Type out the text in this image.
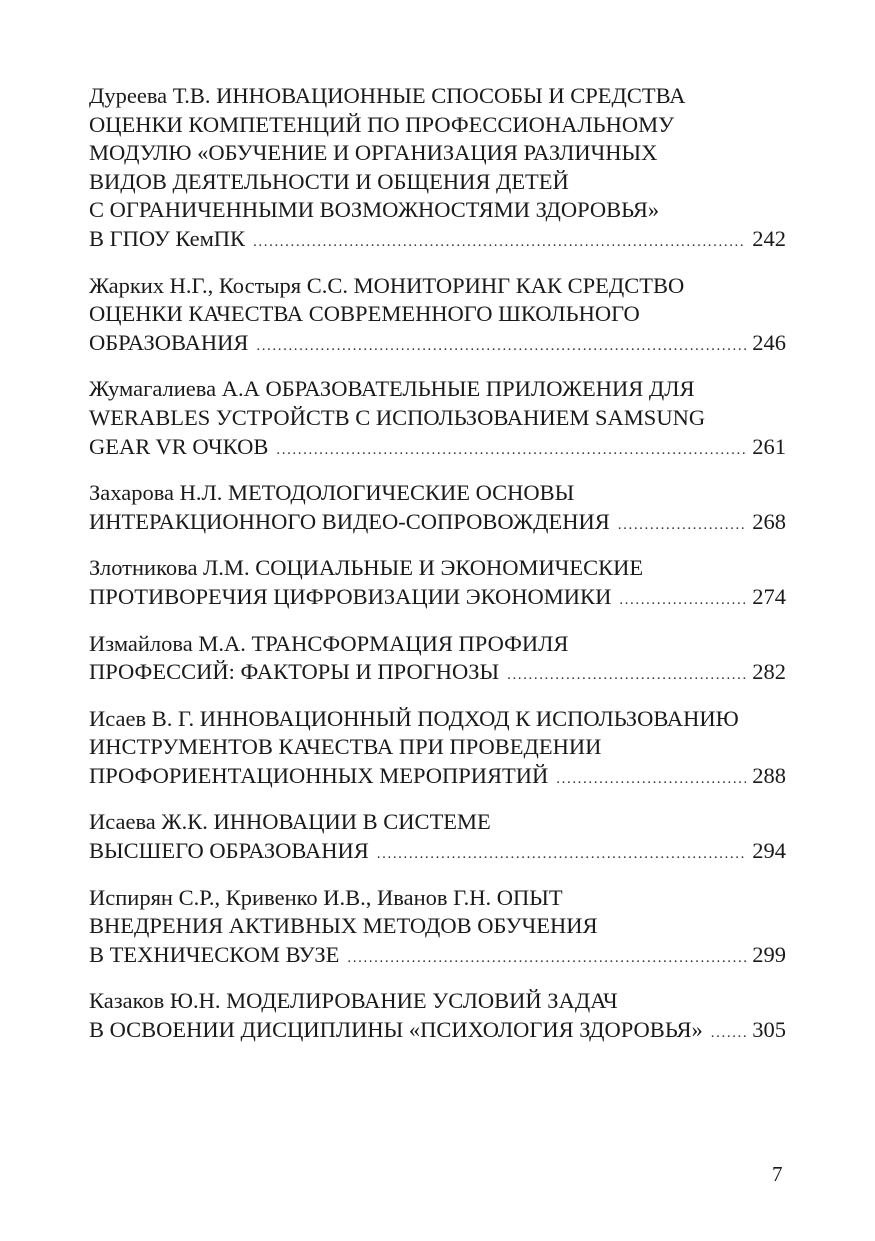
Дуреева Т.В. ИННОВАЦИОННЫЕ СПОСОБЫ И СРЕДСТВА
ОЦЕНКИ КОМПЕТЕНЦИЙ ПО ПРОФЕССИОНАЛЬНОМУ
МОДУЛЮ «ОБУЧЕНИЕ И ОРГАНИЗАЦИЯ РАЗЛИЧНЫХ
ВИДОВ ДЕЯТЕЛЬНОСТИ И ОБЩЕНИЯ ДЕТЕЙ
С ОГРАНИЧЕННЫМИ ВОЗМОЖНОСТЯМИ ЗДОРОВЬЯ»
В ГПОУ КемПК .....	242
Жарких Н.Г., Костыря С.С. МОНИТОРИНГ КАК СРЕДСТВО
ОЦЕНКИ КАЧЕСТВА СОВРЕМЕННОГО ШКОЛЬНОГО
ОБРАЗОВАНИЯ .....	246
Жумагалиева А.А ОБРАЗОВАТЕЛЬНЫЕ ПРИЛОЖЕНИЯ ДЛЯ
WERABLES УСТРОЙСТВ С ИСПОЛЬЗОВАНИЕМ SAMSUNG
GEAR VR ОЧКОВ .....	261
Захарова Н.Л. МЕТОДОЛОГИЧЕСКИЕ ОСНОВЫ
ИНТЕРАКЦИОННОГО ВИДЕО-СОПРОВОЖДЕНИЯ .....	268
Злотникова Л.М. СОЦИАЛЬНЫЕ И ЭКОНОМИЧЕСКИЕ
ПРОТИВОРЕЧИЯ ЦИФРОВИЗАЦИИ ЭКОНОМИКИ .....	274
Измайлова М.А. ТРАНСФОРМАЦИЯ ПРОФИЛЯ
ПРОФЕССИЙ: ФАКТОРЫ И ПРОГНОЗЫ .....	282
Исаев В. Г. ИННОВАЦИОННЫЙ ПОДХОД К ИСПОЛЬЗОВАНИЮ
ИНСТРУМЕНТОВ КАЧЕСТВА ПРИ ПРОВЕДЕНИИ
ПРОФОРИЕНТАЦИОННЫХ МЕРОПРИЯТИЙ .....	288
Исаева Ж.К. ИННОВАЦИИ В СИСТЕМЕ
ВЫСШЕГО ОБРАЗОВАНИЯ .....	294
Испирян С.Р., Кривенко И.В., Иванов Г.Н. ОПЫТ
ВНЕДРЕНИЯ АКТИВНЫХ МЕТОДОВ ОБУЧЕНИЯ
В ТЕХНИЧЕСКОМ ВУЗЕ .....	299
Казаков Ю.Н. МОДЕЛИРОВАНИЕ УСЛОВИЙ ЗАДАЧ
В ОСВОЕНИИ ДИСЦИПЛИНЫ «ПСИХОЛОГИЯ ЗДОРОВЬЯ» ..... 305
7
